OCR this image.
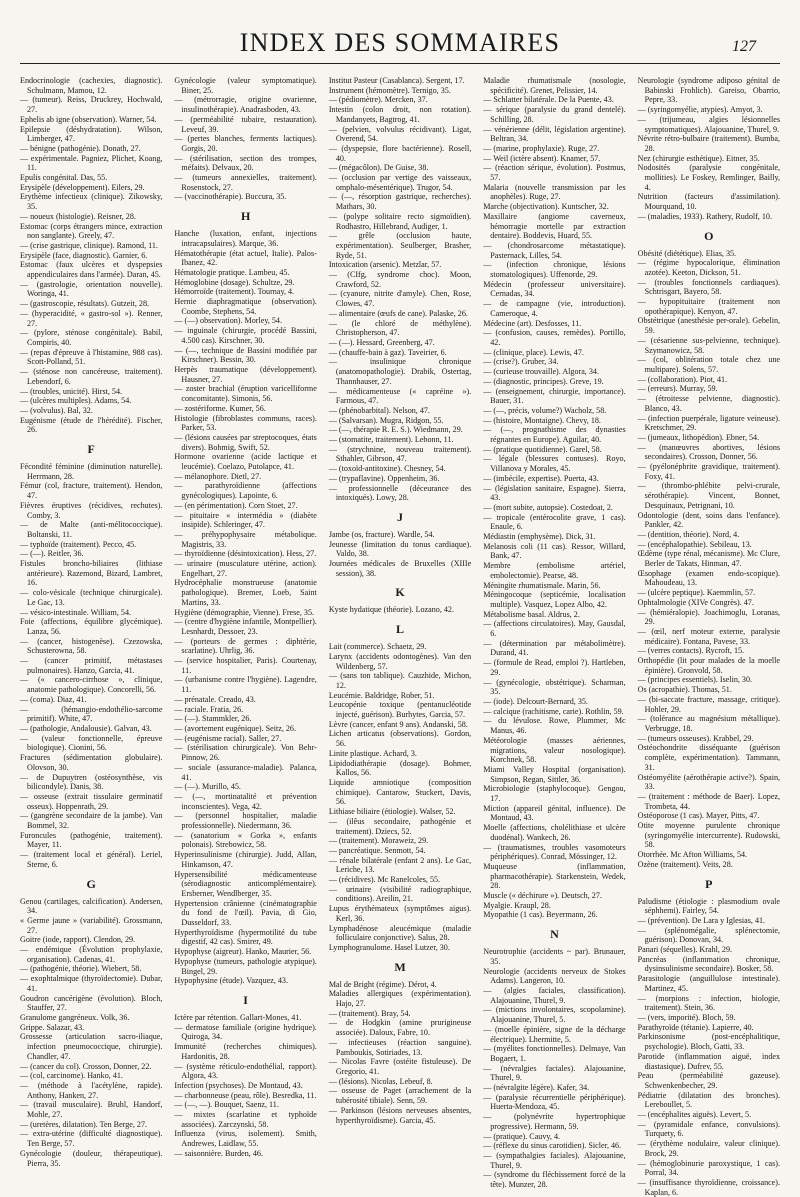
INDEX DES SOMMAIRES	127
Endocrinologie (cachexies, diagnostic). Schulmann, Mamou, 12.
— (tumeur). Reiss, Druckrey, Hochwald, 27.
Ephelis ab igne (observation). Warner, 54.
Epilepsie (déshydratation). Wilson, Limberger, 47.
— bénigne (pathogénie). Donath, 27.
— expérimentale. Pagniez, Plichet, Koang, 11.
Epulis congénital. Das, 55.
Erysipèle (développement). Eilers, 29.
Erythème infectieux (clinique). Zikowsky, 35.
— noueux (histologie). Reisner, 28.
Estomac (corps étrangers mince, extraction non sanglante). Greely, 47.
— (crise gastrique, clinique). Ramond, 11.
Erysipèle (face, diagnostic). Garnier, 6.
Estomac (faux ulcères et dyspepsies appendiculaires dans l'armée). Daran, 45.
— (gastrologie, orientation nouvelle). Woringa, 41.
— (gastroscopie, résultats). Gutzeit, 28.
— (hyperacidité, « gastro-sol »). Renner, 27.
— (pylore, sténose congénitale). Babil, Compiris, 40.
— (repas d'épreuve à l'histamine, 988 cas). Scott-Polland, 51.
— (sténose non cancéreuse, traitement). Lebendorf, 6.
— (troubles, unicité). Hirst, 54.
— (ulcères multiples). Adams, 54.
— (volvulus). Bal, 32.
Eugénisme (étude de l'hérédité). Fischer, 26.
F
Fécondité féminine (diminution naturelle). Herrmann, 28.
Fémur (col, fracture, traitement). Hendon, 47.
Fièvres éruptives (récidives, rechutes). Comby, 3.
— de Malte (anti-mélitococcique). Boltanski, 11.
— typhoïde (traitement). Pecco, 45.
— (—). Reitler, 36.
Fistules broncho-biliaires (lithiase antérieure). Razemond, Bizard, Lambret, 16.
— colo-vésicale (technique chirurgicale). Le Gac, 13.
— vésico-intestinale. William, 54.
Foie (affections, équilibre glycémique). Lanza, 56.
— (cancer, histogenèse). Czezowska, Schusterowna, 58.
— (cancer primitif, métastases pulmonaires). Hanzo, Garcia, 41.
— (« cancero-cirrhose », clinique, anatomie pathologique). Concorelli, 56.
— (coma). Diaz, 41.
— (hémangio-endothélio-sarcome primitif). White, 47.
— (pathologie, Andalousie). Galvan, 43.
— (valeur fonctionnelle, épreuve biologique). Cionini, 56.
Fractures (sédimentation globulaire). Olovson, 30.
— de Dupuytren (ostéosynthèse, vis bilicondyle). Danis, 38.
— osseuse (extrait tissulaire germinatif osseux). Hoppenrath, 29.
— (gangrène secondaire de la jambe). Van Bommel, 32.
Furoncules (pathogénie, traitement). Mayer, 11.
— (traitement local et général). Leriel, Sterne, 6.
G
Genou (cartilages, calcification). Andersen, 34.
« Germe jaune » (variabilité). Grossmann, 27.
Goitre (iode, rapport). Clendon, 29.
— endémique (Évolution prophylaxie, organisation). Cadenas, 41.
— (pathogénie, théorie). Wiebert, 58.
— exophtalmique (thyroïdectomie). Dubar, 41.
Goudron cancérigène (évolution). Bloch, Stauffer, 27.
Granulome gangréneux. Volk, 36.
Grippe. Salazar, 43.
Grossesse (articulation sacro-iliaque, infection pneumococcique, chirurgie). Chandler, 47.
— (cancer du col). Crosson, Donner, 22.
— (col, carcinome). Hanko, 41.
— (méthode à l'acétylène, rapide). Anthony, Hanken, 27.
— (travail musculaire). Bruhl, Handorf, Mohle, 27.
— (uretères, dilatation). Ten Berge, 27.
— extra-utérine (difficulté diagnostique). Ten Berge, 57.
Gynécologie (douleur, thérapeutique). Pierra, 35.
Gynécologie (valeur symptomatique). Biner, 25.
— (métrorragie, origine ovarienne, insulinothérapie). Anadrasboden, 43.
— (perméabilité tubaire, restauration). Leveuf, 39.
— (pertes blanches, ferments lactiques). Gorgis, 20.
— (stérilisation, section des trompes, méfaits). Delvaux, 20.
— (tumeurs annexielles, traitement). Rosenstock, 27.
— (vaccinothérapie). Buccura, 35.
H
Hanche (luxation, enfant, injections intracapsulaires). Marque, 36.
Hématothérapie (état actuel, Italie). Palos-Ibanez, 42.
Hématologie pratique. Lambeu, 45.
Hémoglobine (dosage). Schultze, 29.
Hémorroïde (traitement). Tournay, 4.
Hernie diaphragmatique (observation). Coombe, Stephens, 54.
— (—) observation). Morley, 54.
— inguinale (chirurgie, procédé Bassini, 4.500 cas). Kirschner, 30.
— (—, technique de Bassini modifiée par Kirschner). Bessin, 30.
Herpès traumatique (développement). Hausner, 27.
— zoster brachial (éruption varicelliforme concomitante). Simonis, 56.
— zostériforme. Kumer, 56.
Histologie (fibroblastes communs, races). Parker, 53.
— (lésions causées par streptocoques, états divers). Bohmig, Swift, 52.
Hormone ovarienne (acide lactique et leucémie). Coelazo, Putolapce, 41.
— mélanophore. Dietl, 27.
— parathyroïdienne (affections gynécologiques). Lapointe, 6.
— (en périmentation). Corn Stoet, 27.
— pituitaire « intermédia » (diabète insipide). Schleringer, 47.
— préhypophysaire métabolique. Magistris, 33.
— thyroïdienne (désintoxication). Hess, 27.
— urinaire (musculature utérine, action). Engelhart, 27.
Hydrocéphalie monstrueuse (anatomie pathologique). Bremer, Loeb, Saint Martins, 33.
Hygiène (démographie, Vienne). Frese, 35.
— (centre d'hygiène infantile, Montpellier). Lesnhardt, Dessoer, 23.
— (porteurs de germes : diphtérie, scarlatine). Uhrlig, 36.
— (service hospitalier, Paris). Courtenay, 11.
— (urbanisme contre l'hygiène). Lagendre, 11.
— prénatale. Creado, 43.
— raciale. Fratia, 26.
— (—). Stammkler, 26.
— (avortement eugénique). Seitz, 26.
— (eugénisme racial). Saller, 27.
— (stérilisation chirurgicale). Von Behr-Pinnow, 26.
— sociale (assurance-maladie). Palanca, 41.
— (—). Murillo, 45.
— (—, mortinatalité et prévention inconscientes). Vega, 42.
— (personnel hospitalier, maladie professionnelle). Niedermann, 36.
— (sanatorium « Gorka », enfants polonais). Strebowicz, 58.
Hyperinsulinisme (chirurgie). Judd, Allan, Hinkamson, 47.
Hypersensibilité médicamenteuse (sérodiagnostic anticomplémentaire). Ersberner, Wendlberger, 35.
Hypertension crânienne (cinématographie du fond de l'œil). Pavia, di Gio, Dusseldorf, 33.
Hyperthyroïdisme (hypermotilité du tube digestif, 42 cas). Smirer, 49.
Hypophyse (aigreur). Hanko, Maurier, 56.
Hypophyse (tumeurs, pathologie atypique). Bingel, 29.
Hypophysine (étude). Vazquez, 43.
I
Ictère par rétention. Gallart-Mones, 41.
— dermatose familiale (origine hydrique). Quiroga, 34.
Immunité (recherches chimiques). Hardonitis, 28.
— (système réticulo-endothélial, rapport). Algora, 43.
Infection (psychoses). De Montaud, 43.
— charbonneuse (peau, rôle). Besredka, 11.
— (—, —). Bouquet, Saenz, 11.
— mixtes (scarlatine et typhoïde associées). Zarczynski, 58.
Influenza (virus, isolement). Smith, Andrewes, Laidlaw, 55.
— saisonnière. Burden, 46.
Institut Pasteur (Casablanca). Sergent, 17.
Instrument (hémomètre). Ternigo, 35.
— (pédiomètre). Mercken, 37.
Intestin (colon droit, non rotation). Mandanyets, Bagtrog, 41.
— (pelvien, volvulus récidivant). Ligat, Overend, 54.
— (dyspepsie, flore bactérienne). Rosell, 40.
— (mégacôlon). De Guise, 38.
— (occlusion par vertige des vaisseaux, omphalo-mésentérique). Trugor, 54.
— (—, résorption gastrique, recherches). Mathars, 30.
— (polype solitaire recto sigmoïdien). Rodhastro, Hillebrand, Audiger, 1.
— grêle (occlusion haute, expérimentation). Seulberger, Brasher, Ryde, 51.
Intoxication (arsenic). Metzlar, 57.
— (CIfg, syndrome choc). Moon, Crawford, 52.
— (cyanure, nitrite d'amyle). Chen, Rose, Clowes, 47.
— alimentaire (œufs de cane). Palaske, 26.
— (le chloré de méthylène). Christopherson, 47.
— (—). Hessard, Greenberg, 47.
— (chauffe-bain à gaz). Taveirier, 6.
— insulinique chronique (anatomopathologie). Drabik, Ostertag, Thannhauser, 27.
— médicamenteuse (« capréine »). Farmous, 47.
— (phénobarbital). Nelson, 47.
— (Salvarsan). Mugra, Ridgon, 55.
— (—, thérapie R. E. S.). Wiedmann, 29.
— (stomatite, traitement). Lebonn, 11.
— (strychnine, nouveau traitement). Sthahler, Gibrson, 47.
— (toxoïd-antitoxine). Chesney, 54.
— (trypaflavine). Oppenheim, 36.
— professionnelle (déceurance des intoxiqués). Lowy, 28.
J
Jambe (os, fracture). Wardle, 54.
Jeunesse (limitation du tonus cardiaque). Valdo, 38.
Journées médicales de Bruxelles (XIIIe session), 38.
K
Kyste hydatique (théorie). Lozano, 42.
L
Lait (commerce). Schaetz, 29.
Larynx (accidents odontogènes). Van den Wildenberg, 57.
— (sans ton tablique). Cauzhide, Michon, 12.
Leucémie. Baldridge, Rober, 51.
Leucopénie toxique (pentanucléotide injecté, guérison). Burhytes, Garcia, 57.
Lèvre (cancer, enfant 9 ans). Andanski, 58.
Lichen articatus (observations). Gordon, 56.
Linite plastique. Achard, 3.
Lipidodiathérapie (dosage). Bohmer, Kallos, 56.
Liquide amniotique (composition chimique). Cantarow, Stuckert, Davis, 56.
Lithiase biliaire (étiologie). Walser, 52.
— (ilêus secondaire, pathogénie et traitement). Dziecs, 52.
— (traitement). Moraweiz, 29.
— pancréatique. Senmott, 54.
— rénale bilatérale (enfant 2 ans). Le Gac, Leriche, 13.
— (récidives). Mc Ranelcoles, 55.
— urinaire (visibilité radiographique, conditions). Areilin, 21.
Lupus érythémateux (symptômes aigus). Kerl, 36.
Lymphadénose aleucémique (maladie folliculaire conjonctive). Salus, 28.
Lymphogranulome. Hasel Lutzer, 30.
M
Mal de Bright (régime). Dérot, 4.
Maladies allergiques (expérimentation). Hajo, 27.
— (traitement). Bray, 54.
— de Hodgkin (amine prurigineuse associée). Daloux, Fabre, 10.
— infectieuses (réaction sanguine). Pamboukis, Sotiriades, 13.
— Nicolas Favre (ostéite fistuleuse). De Gregorio, 41.
— (lésions). Nicolas, Lebeuf, 8.
— osseuse de Paget (arrachement de la tubérosité tibiale). Senn, 59.
— Parkinson (lésions nerveuses absentes, hyperthyroïdisme). Garcia, 45.
Maladie rhumatismale (nosologie, spécificité). Grenet, Pelissier, 14.
— Schlatter bilatérale. De la Puente, 43.
— sérique (paralysie du grand dentelé). Schilling, 28.
— vénérienne (délit, législation argentine). Beltran, 34.
— (marine, prophylaxie). Ruge, 27.
— Weil (ictère absent). Knamer, 57.
— (réaction sérique, évolution). Postmus, 57.
Malaria (nouvelle transmission par les anophèles). Ruge, 27.
Marche (objectivation). Kuntscher, 32.
Maxillaire (angiome caverneux, hémorragie mortelle par extraction dentaire). Boddevis, Huard, 55.
— (chondrosarcome métastatique). Pasternack, Lilles, 54.
— (infection chronique, lésions stomatologiques). Uffenorde, 29.
Médecin (professeur universitaire). Cernadas, 34.
— de campagne (vie, introduction). Cameroque, 4.
Médecine (art). Desfosses, 11.
— (confusion, causes, remèdes). Portillo, 42.
— (clinique, place). Lewis, 47.
— (crise?). Gruber, 34.
— (curieuse trouvaille). Algora, 34.
— (diagnostic, principes). Greve, 19.
— (enseignement, chirurgie, importance). Bauer, 31.
— (—, précis, volume?) Wacholz, 58.
— (histoire, Montaigne). Chevy, 18.
— (—, prognathisme des dynasties régnantes en Europe). Aguilar, 40.
— (pratique quotidienne). Garel, 58.
— légale (blessures contuses). Royo, Villanova y Morales, 45.
— (imbécile, expertise). Puerta, 43.
— (législation sanitaire, Espagne). Sierra, 43.
— (mort subite, autopsie). Costedoat, 2.
— tropicale (entérocolite grave, 1 cas). Enaule, 6.
Médiastin (emphysème). Dick, 31.
Melanosis coli (11 cas). Ressor, Willard, Bank, 47.
Membre (embolisme artériel, embolectomie). Pearse, 48.
Méningite rhumatismale. Marin, 56.
Méningocoque (septicémie, localisation multiple). Vasquez, Lopez Albo, 42.
Métabolisme basal. Aldrus, 2.
— (affections circulatoires). May, Gausdal, 6.
— (détermination par métabolimètre). Durand, 41.
— (formule de Read, emploi ?). Hartleben, 29.
— (gynécologie, obstétrique). Scharman, 35.
— (iode). Delcourt-Bernard, 35.
— calcique (rachitisme, carie). Rothlin, 59.
— du lévulose. Rowe, Plummer, Mc Manus, 46.
Météorologie (masses aériennes, migrations, valeur nosologique). Korchnek, 58.
Miami Valley Hospital (organisation). Simpson, Regan, Sittler, 36.
Microbiologie (staphylocoque). Gengou, 17.
Miction (appareil génital, influence). De Montaud, 43.
Moelle (affections, cholélithiase et ulcère duodénal). Wankech, 26.
— (traumatismes, troubles vasomoteurs périphériques). Conrad, Mössinger, 12.
Muqueuse (inflammation, pharmacothérapie). Starkenstein, Wedek, 28.
Muscle (« déchirure »). Deutsch, 27.
Myalgie. Kraupl, 28.
Myopathie (1 cas). Beyermann, 26.
N
Neurotrophie (accidents ~ par). Brunauer, 35.
Neurologie (accidents nerveux de Stokes Adams). Langeron, 10.
— (algies faciales, classification). Alajouanine, Thurel, 9.
— (mictions involontaires, scopolamine). Alajouanine, Thurel, 5.
— (moelle épinière, signe de la décharge électrique). Lhermitte, 5.
— (myélites fonctionnelles). Delmaye, Van Bogaert, 1.
— (névralgies faciales). Alajouanine, Thurel, 9.
— (névralgite légère). Kafer, 34.
— (paralysie récurrentielle périphérique). Huerta-Mendoza, 45.
— (polynévrite hypertrophique progressive). Hermann, 59.
— (pratique). Cauvy, 4.
— (réflexe du sinus carotidien). Sicler, 46.
— (sympathalgies faciales). Alajouanine, Thurel, 9.
— (syndrome du fléchissement forcé de la tête). Munzer, 28.
Neurologie (syndrome adiposo génital de Babinski Frohlich). Gareiso, Obarrio, Pepre, 33.
— (syringomyélie, atypies). Amyot, 3.
— (trijumeau, algies lésionnelles symptomatiques). Alajouanine, Thurel, 9.
Névrite rétro-bulbaire (traitement). Bumba, 28.
Nez (chirurgie esthétique). Eitner, 35.
Nodosités (paralysie congénitale, mollities). Le Foskey, Remlinger, Bailly, 4.
Nutrition (facteurs d'assimilation). Mourquand, 10.
— (maladies, 1933). Rathery, Rudolf, 10.
O
Obésité (diététique). Elias, 35.
— (régime hypocalorique, élimination azotée). Keeton, Dickson, 51.
— (troubles fonctionnels cardiaques). Schtrisgart, Bayero, 58.
— hypopituitaire (traitement non opothérapique). Kenyon, 47.
Obstétrique (anesthésie per-orale). Gebelin, 59.
— (césarienne sus-pelvienne, technique). Szymanowicz, 58.
— (col, oblitération totale chez une multipare). Solens, 57.
— (collaboration). Piot, 41.
— (erreurs). Murray, 59.
— (étroitesse pelvienne, diagnostic). Blanco, 43.
— (infection puerpérale, ligature veineuse). Kretschmer, 29.
— (jumeaux, lithopédion). Ebner, 54.
— (manœuvres abortives, lésions secondaires). Crosson, Donner, 56.
— (pyélonéphrite gravidique, traitement). Foxy, 41.
— (thrombo-phlébite pelvi-crurale, sérothérapie). Vincent, Bonnet, Desquinaux, Petrignani, 10.
Odontologie (dent, soins dans l'enfance). Pankler, 42.
— (dentition, théorie). Nord, 4.
— (encéphalopathie). Sebileau, 13.
Œdème (type rénal, mécanisme). Mc Clure, Berler de Takats, Hinman, 47.
Œsophage (examen endo-scopique). Mahoudeau, 13.
— (ulcère peptique). Kaemmlin, 57.
Ophtalmologie (XIVe Congrès). 47.
— (hémiéralopie). Joachimoglu, Loranas, 29.
— (œil, nerf moteur externe, paralysie médicaire). Fontana, Pavese, 33.
— (verres contacts). Rycroft, 15.
Orthopédie (lit pour malades de la moelle épinière). Gronvold, 58.
— (principes essentiels). Iselin, 30.
Os (acropathie). Thomas, 51.
— (bi-saccate fracture, massage, critique). Hohler, 29.
— (tolérance au magnésium métallique). Verbrugge, 18.
— (tumeurs osseuses). Krabbel, 29.
Ostéochondrite disséquante (guérison complète, expérimentation). Tammann, 31.
Ostéomyélite (aérothérapie active?). Spain, 33.
— (traitement : méthode de Baer). Lopez, Trombeta, 44.
Ostéoporose (1 cas). Mayer, Pitts, 47.
Otite moyenne purulente chronique (syringomyélie intercurrente). Rudowski, 58.
Otorrhée. Mc Afton Williams, 54.
Ozène (traitement). Veits, 28.
P
Paludisme (étiologie : plasmodium ovale séphhemi). Fairley, 54.
— (prévention). De Lara y Iglesias, 41.
— (splénomégalie, splénectomie, guérison). Donovan, 34.
Panari (séquelles). Krahl, 29.
Pancréas (inflammation chronique, dysinsulinisme secondaire). Bosker, 58.
Parasitologie (anguillulose intestinale). Martinez, 45.
— (morpions : infection, biologie, traitement). Stein, 36.
— (vers, imporité). Bloch, 59.
Parathyroïde (tétanie). Lapierre, 40.
Parkinsonisme (post-encéphalitique, psychologie). Bloch, Gatti, 33.
Parotide (inflammation aiguë, index diastasique). Dufrev, 55.
Peau (perméabilité gazeuse). Schwenkenbecher, 29.
Pédiatrie (dilatation des bronches). Lereboullet, 5.
— (encéphalites aiguës). Levert, 5.
— (pyramidale enfance, convulsions). Turquety, 6.
— (érythème nodulaire, valeur clinique). Brock, 29.
— (hémoglobinurie paroxystique, 1 cas). Porral, 34.
— (insuffisance thyroïdienne, croissance). Kaplan, 6.
